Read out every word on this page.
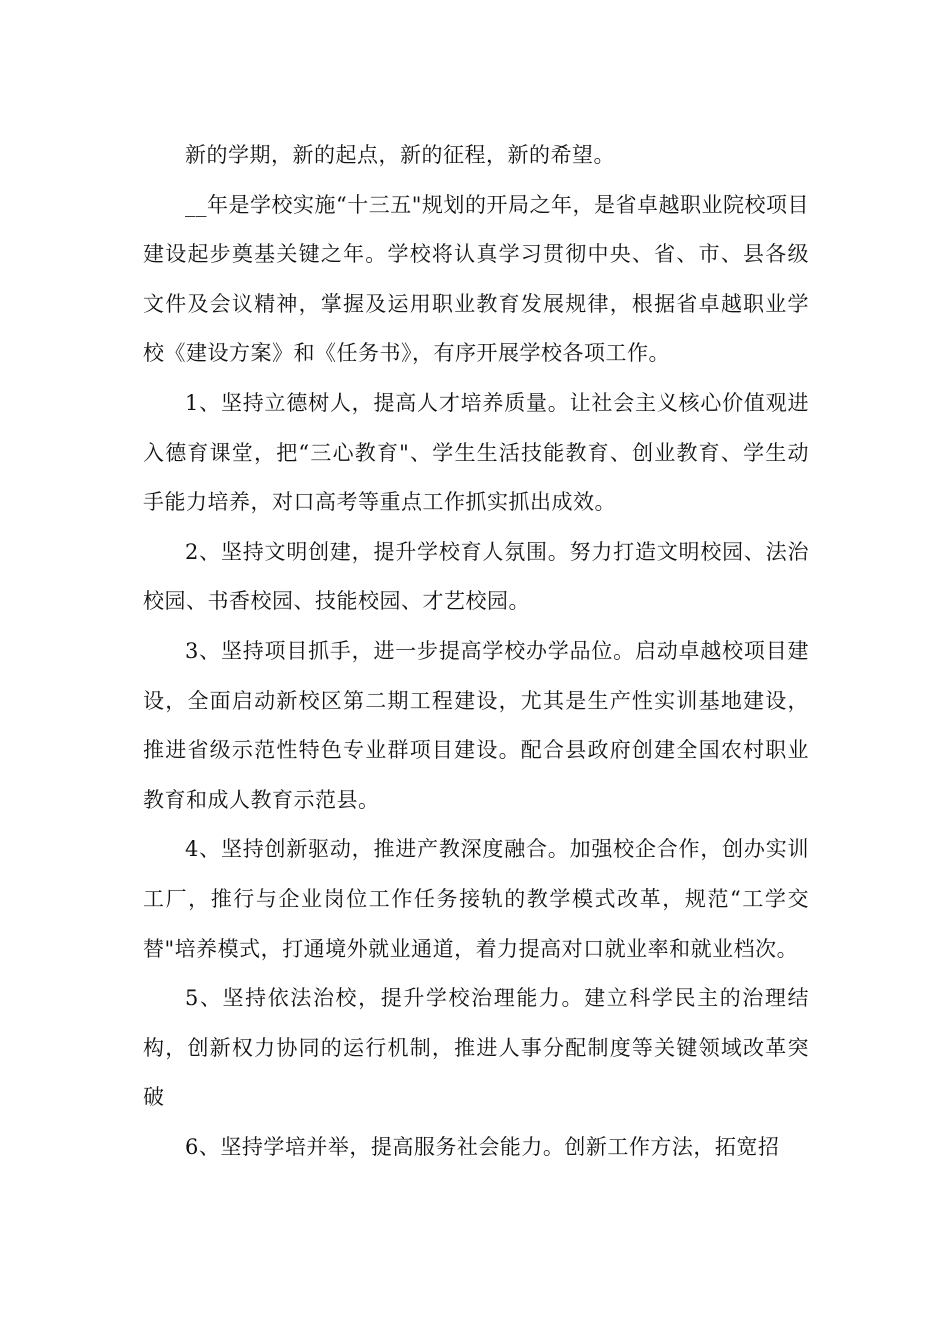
新的学期，新的起点，新的征程，新的希望。

__年是学校实施“十三五"规划的开局之年，是省卓越职业院校项目建设起步奠基关键之年。学校将认真学习贯彻中央、省、市、县各级文件及会议精神，掌握及运用职业教育发展规律，根据省卓越职业学校《建设方案》和《任务书》，有序开展学校各项工作。

1、坚持立德树人，提高人才培养质量。让社会主义核心价值观进入德育课堂，把“三心教育"、学生生活技能教育、创业教育、学生动手能力培养，对口高考等重点工作抓实抓出成效。

2、坚持文明创建，提升学校育人氛围。努力打造文明校园、法治校园、书香校园、技能校园、才艺校园。

3、坚持项目抓手，进一步提高学校办学品位。启动卓越校项目建设，全面启动新校区第二期工程建设，尤其是生产性实训基地建设，推进省级示范性特色专业群项目建设。配合县政府创建全国农村职业教育和成人教育示范县。

4、坚持创新驱动，推进产教深度融合。加强校企合作，创办实训工厂，推行与企业岗位工作任务接轨的教学模式改革，规范“工学交替"培养模式，打通境外就业通道，着力提高对口就业率和就业档次。

5、坚持依法治校，提升学校治理能力。建立科学民主的治理结构，创新权力协同的运行机制，推进人事分配制度等关键领域改革突破

6、坚持学培并举，提高服务社会能力。创新工作方法，拓宽招
